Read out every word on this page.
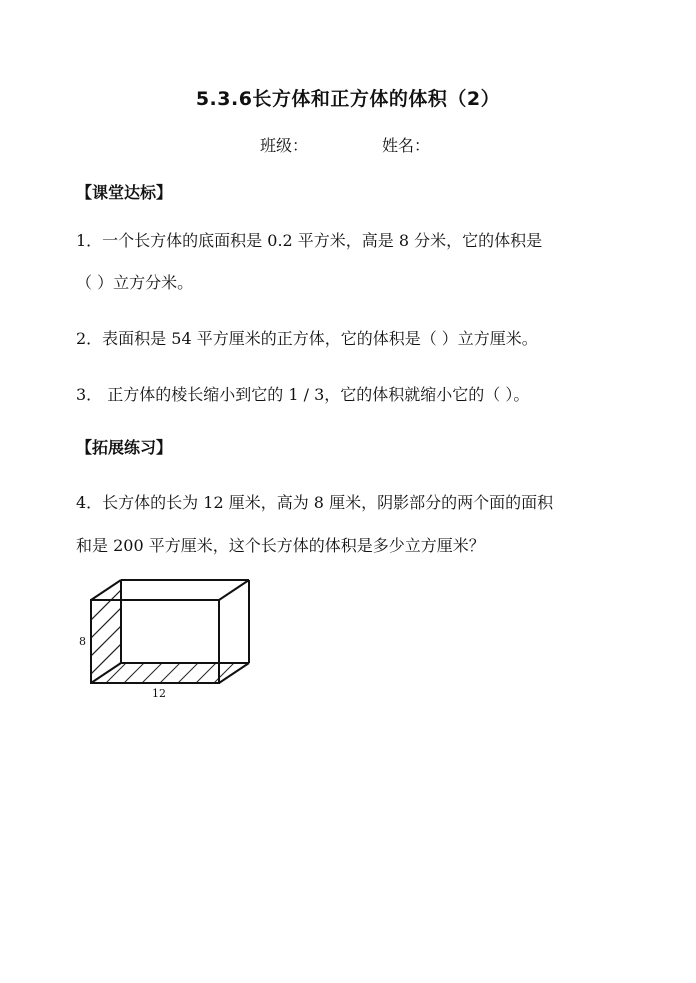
5.3.6长方体和正方体的体积（2）
班级：	姓名：
【课堂达标】
1．一个长方体的底面积是 0.2 平方米，高是 8 分米，它的体积是
（ ）立方分米。
2．表面积是 54 平方厘米的正方体，它的体积是（ ）立方厘米。
3． 正方体的棱长缩小到它的 1 / 3，它的体积就缩小它的（ ）。
【拓展练习】
4．长方体的长为 12 厘米，高为 8 厘米，阴影部分的两个面的面积
和是 200 平方厘米，这个长方体的体积是多少立方厘米？
8
12
